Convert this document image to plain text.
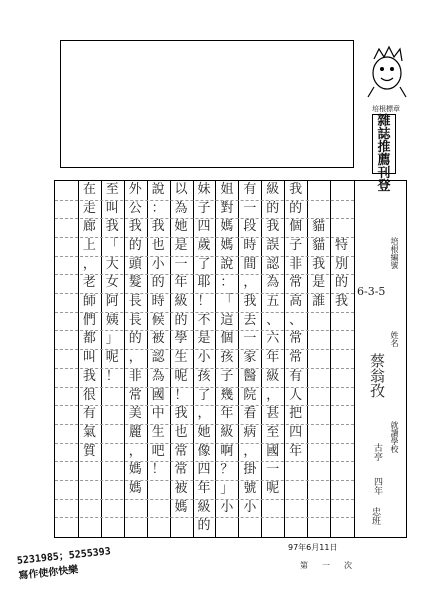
培根標章
雜
誌
推
薦
刊
登
特
別
的
我
貓
貓
我
是
誰
我
的
個
子
非
常
高
、
常
常
有
人
把
四
年
級
的
我
誤
認
為
五
、
六
年
級
，
甚
至
國
一
呢
有
一
段
時
間
，
我
去
一
家
醫
院
看
病
，
掛
號
小
姐
對
媽
媽
說
：
「
這
個
孩
子
幾
年
級
啊
？
」
小
妹
子
四
歲
了
耶
！
不
是
小
孩
了
，
她
像
四
年
級
的
以
為
她
是
一
年
級
的
學
生
呢
！
我
也
常
常
被
媽
說
：
我
也
小
的
時
候
被
認
為
國
中
生
吧
！
外
公
我
的
頭
髮
長
長
的
，
非
常
美
麗
，
媽
媽
至
叫
我
「
大
女
阿
姨
」
呢
！
在
走
廊
上
，
老
師
們
都
叫
我
很
有
氣
質
培根編號
6-3-5
姓名
蔡翁孜
就讀學校
古亭
四年
忠班
97年6月11日
第一次
5231985；5255393
寫作使你快樂
